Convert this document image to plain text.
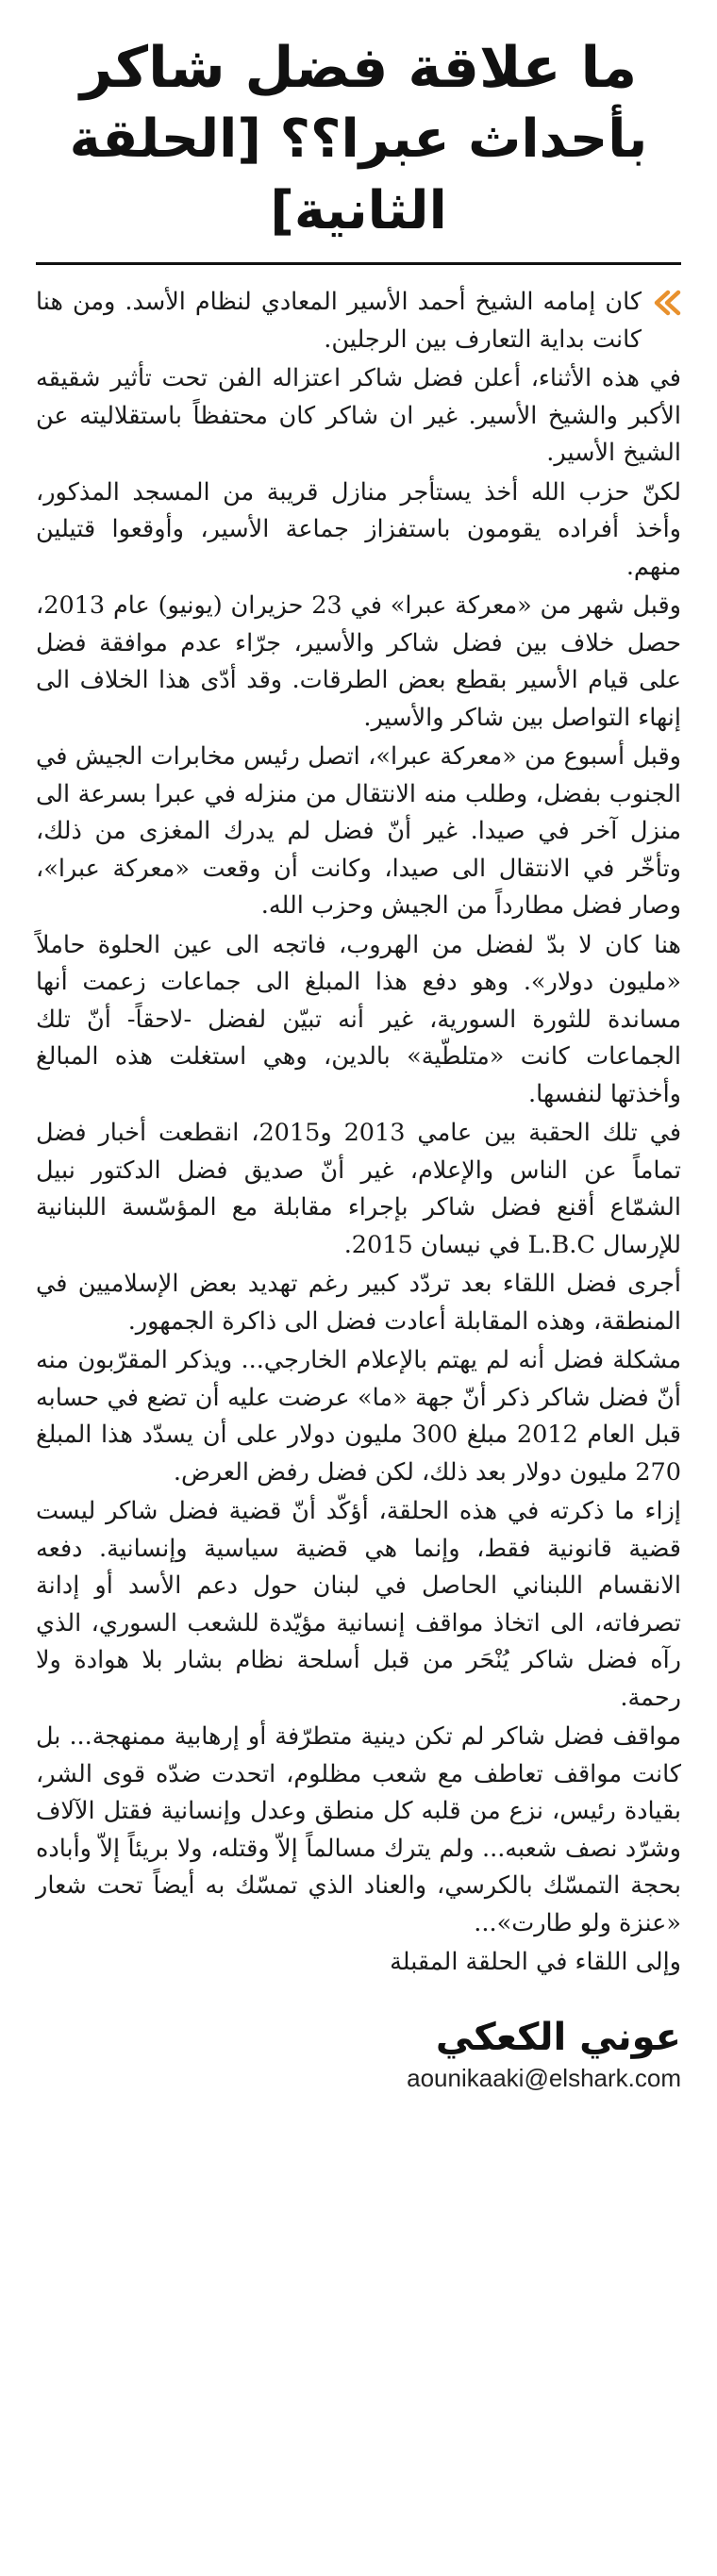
ما علاقة فضل شاكر
بأحداث عبرا؟؟ [الحلقة الثانية]
كان إمامه الشيخ أحمد الأسير المعادي لنظام الأسد. ومن هنا كانت بداية التعارف بين الرجلين.

في هذه الأثناء، أعلن فضل شاكر اعتزاله الفن تحت تأثير شقيقه الأكبر والشيخ الأسير. غير ان شاكر كان محتفظاً باستقلاليته عن الشيخ الأسير.

لكنّ حزب الله أخذ يستأجر منازل قريبة من المسجد المذكور، وأخذ أفراده يقومون باستفزاز جماعة الأسير، وأوقعوا قتيلين منهم.

وقبل شهر من «معركة عبرا» في 23 حزيران (يونيو) عام 2013، حصل خلاف بين فضل شاكر والأسير، جرّاء عدم موافقة فضل على قيام الأسير بقطع بعض الطرقات. وقد أدّى هذا الخلاف الى إنهاء التواصل بين شاكر والأسير.

وقبل أسبوع من «معركة عبرا»، اتصل رئيس مخابرات الجيش في الجنوب بفضل، وطلب منه الانتقال من منزله في عبرا بسرعة الى منزل آخر في صيدا. غير أنّ فضل لم يدرك المغزى من ذلك، وتأخّر في الانتقال الى صيدا، وكانت أن وقعت «معركة عبرا»، وصار فضل مطارداً من الجيش وحزب الله.

هنا كان لا بدّ لفضل من الهروب، فاتجه الى عين الحلوة حاملاً «مليون دولار». وهو دفع هذا المبلغ الى جماعات زعمت أنها مساندة للثورة السورية، غير أنه تبيّن لفضل -لاحقاً- أنّ تلك الجماعات كانت «متلطّية» بالدين، وهي استغلت هذه المبالغ وأخذتها لنفسها.

في تلك الحقبة بين عامي 2013 و2015، انقطعت أخبار فضل تماماً عن الناس والإعلام، غير أنّ صديق فضل الدكتور نبيل الشمّاع أقنع فضل شاكر بإجراء مقابلة مع المؤسّسة اللبنانية للإرسال L.B.C في نيسان 2015.

أجرى فضل اللقاء بعد تردّد كبير رغم تهديد بعض الإسلاميين في المنطقة، وهذه المقابلة أعادت فضل الى ذاكرة الجمهور.

مشكلة فضل أنه لم يهتم بالإعلام الخارجي... ويذكر المقرّبون منه أنّ فضل شاكر ذكر أنّ جهة «ما» عرضت عليه أن تضع في حسابه قبل العام 2012 مبلغ 300 مليون دولار على أن يسدّد هذا المبلغ 270 مليون دولار بعد ذلك، لكن فضل رفض العرض.

إزاء ما ذكرته في هذه الحلقة، أؤكّد أنّ قضية فضل شاكر ليست قضية قانونية فقط، وإنما هي قضية سياسية وإنسانية. دفعه الانقسام اللبناني الحاصل في لبنان حول دعم الأسد أو إدانة تصرفاته، الى اتخاذ مواقف إنسانية مؤيّدة للشعب السوري، الذي رآه فضل شاكر يُنْحَر من قبل أسلحة نظام بشار بلا هوادة ولا رحمة.

مواقف فضل شاكر لم تكن دينية متطرّفة أو إرهابية ممنهجة... بل كانت مواقف تعاطف مع شعب مظلوم، اتحدت ضدّه قوى الشر، بقيادة رئيس، نزع من قلبه كل منطق وعدل وإنسانية فقتل الآلاف وشرّد نصف شعبه... ولم يترك مسالماً إلاّ وقتله، ولا بريئاً إلاّ وأباده بحجة التمسّك بالكرسي، والعناد الذي تمسّك به أيضاً تحت شعار «عنزة ولو طارت»...

وإلى اللقاء في الحلقة المقبلة

عوني الكعكي
aounikaaki@elshark.com
